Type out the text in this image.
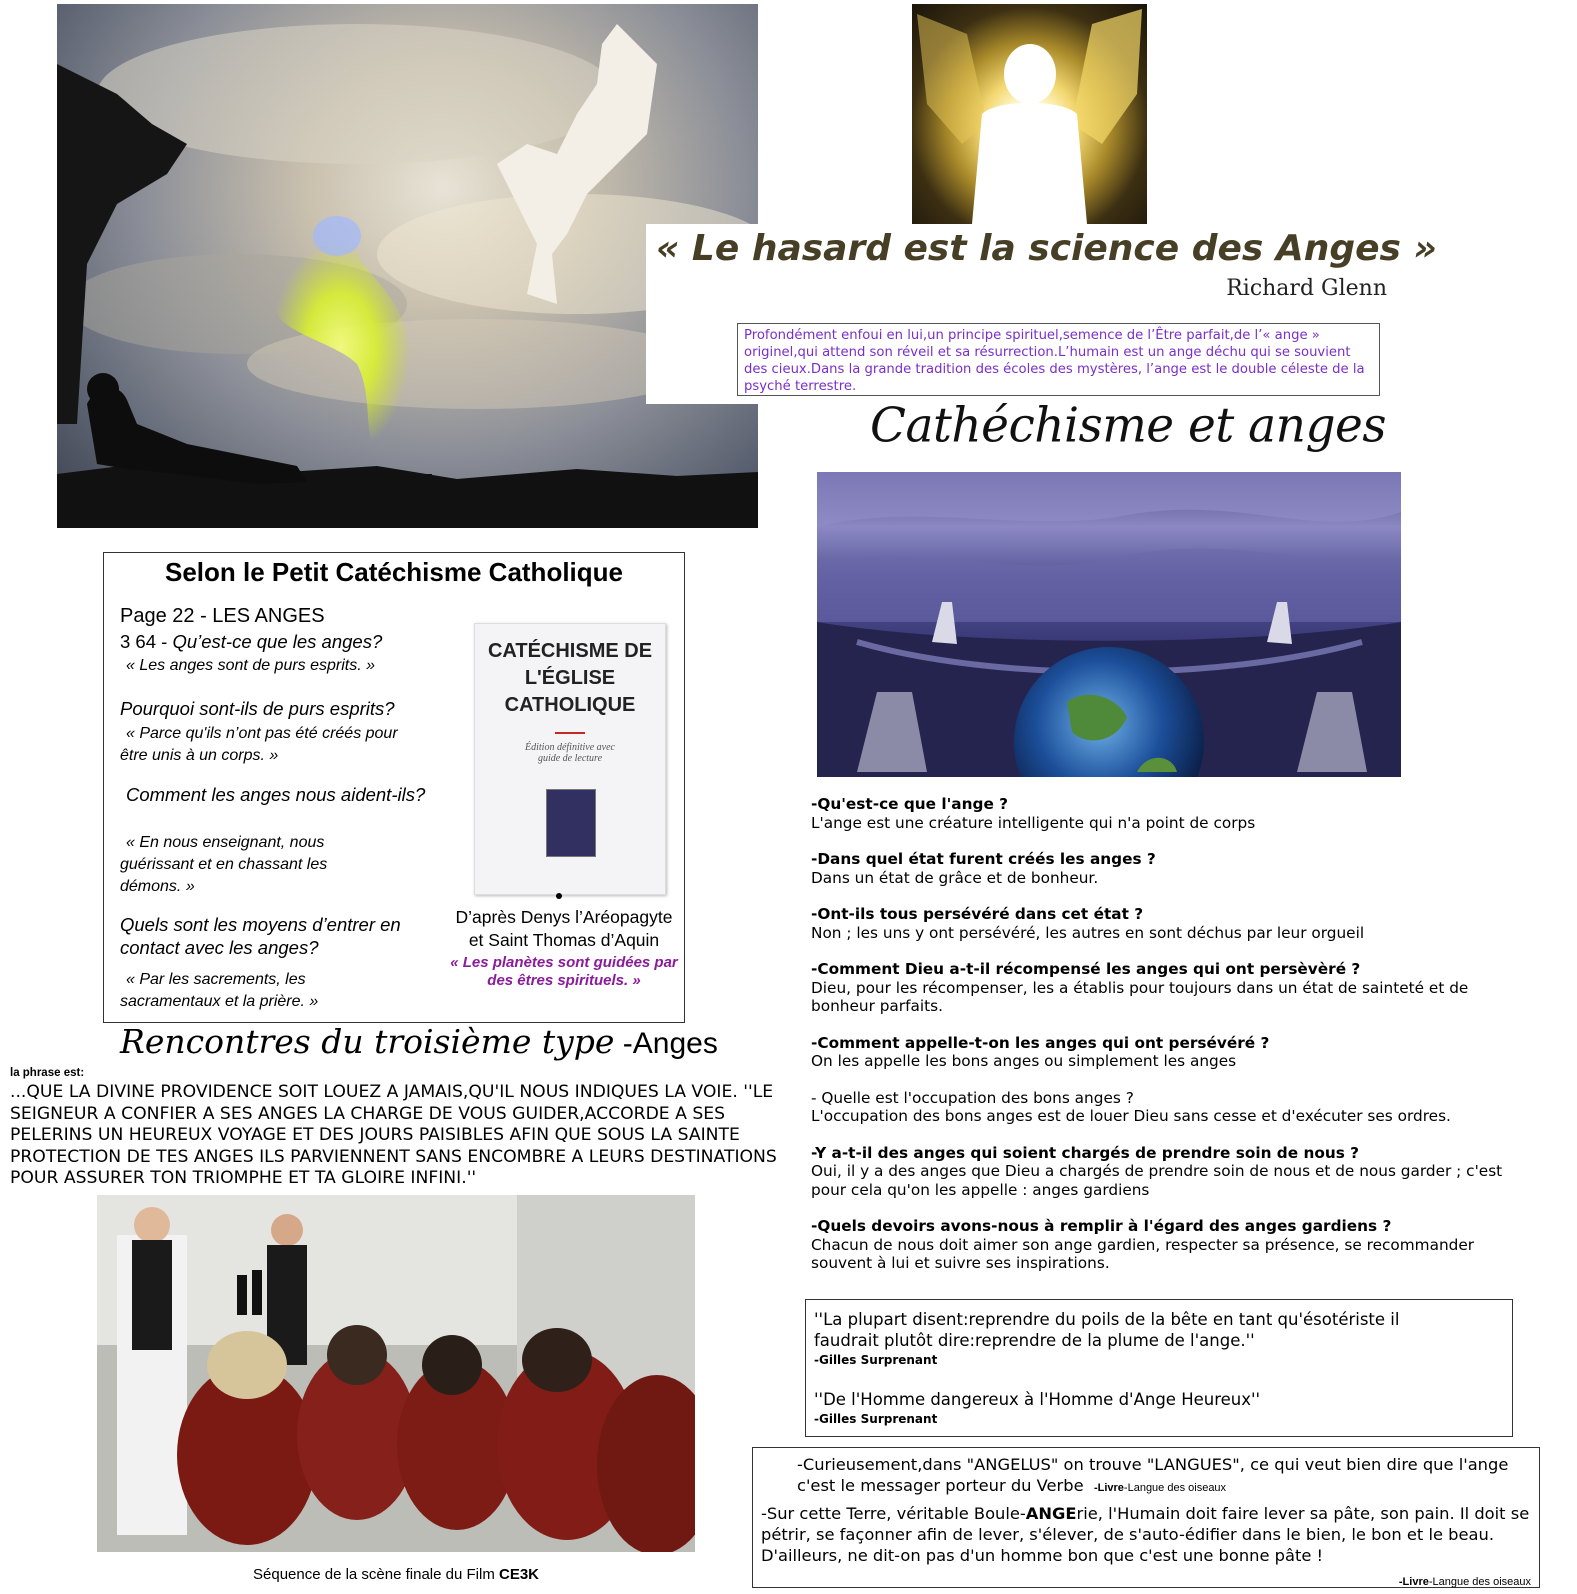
« Le hasard est la science des Anges »
Richard Glenn
Profondément enfoui en lui,un principe spirituel,semence de l’Être parfait,de l’« ange » originel,qui attend son réveil et sa résurrection.L’humain est un ange déchu qui se souvient des cieux.Dans la grande tradition des écoles des mystères, l’ange est le double céleste de la psyché terrestre.
Cathéchisme et anges
Selon le Petit Catéchisme Catholique
Page 22 - LES ANGES
3 64 - Qu’est-ce que les anges?
« Les anges sont de purs esprits. »
Pourquoi sont-ils de purs esprits?
« Parce qu'ils n’ont pas été créés pour être unis à un corps. »
Comment les anges nous aident-ils?
« En nous enseignant, nous guérissant et en chassant les démons. »
Quels sont les moyens d’entrer en contact avec les anges?
« Par les sacrements, les sacramentaux et la prière. »
CATÉCHISME DE L'ÉGLISE CATHOLIQUE
Édition définitive avec guide de lecture
D’après Denys l’Aréopagyte et Saint Thomas d’Aquin
« Les planètes sont guidées par des êtres spirituels. »
Rencontres du troisième type -Anges
la phrase est:
...QUE LA DIVINE PROVIDENCE SOIT LOUEZ A JAMAIS,QU'IL NOUS INDIQUES LA VOIE. ''LE SEIGNEUR A CONFIER A SES ANGES LA CHARGE DE VOUS GUIDER,ACCORDE A SES PELERINS UN HEUREUX VOYAGE ET DES JOURS PAISIBLES AFIN QUE SOUS LA SAINTE PROTECTION DE TES ANGES ILS PARVIENNENT SANS ENCOMBRE A LEURS DESTINATIONS POUR ASSURER TON TRIOMPHE ET TA GLOIRE INFINI.''
Séquence de la scène finale du Film CE3K
-Qu'est-ce que l'ange ?
L'ange est une créature intelligente qui n'a point de corps
-Dans quel état furent créés les anges ?
Dans un état de grâce et de bonheur.
-Ont-ils tous persévéré dans cet état ?
Non ; les uns y ont persévéré, les autres en sont déchus par leur orgueil
-Comment Dieu a-t-il récompensé les anges qui ont persèvèré ?
Dieu, pour les récompenser, les a établis pour toujours dans un état de sainteté et de bonheur parfaits.
-Comment appelle-t-on les anges qui ont persévéré ?
On les appelle les bons anges ou simplement les anges
- Quelle est l'occupation des bons anges ?
L'occupation des bons anges est de louer Dieu sans cesse et d'exécuter ses ordres.
-Y a-t-il des anges qui soient chargés de prendre soin de nous ?
Oui, il y a des anges que Dieu a chargés de prendre soin de nous et de nous garder ; c'est pour cela qu'on les appelle : anges gardiens
-Quels devoirs avons-nous à remplir à l'égard des anges gardiens ?
Chacun de nous doit aimer son ange gardien, respecter sa présence, se recommander souvent à lui et suivre ses inspirations.
''La plupart disent:reprendre du poils de la bête en tant qu'ésotériste il faudrait plutôt dire:reprendre de la plume de l'ange.''
-Gilles Surprenant
''De l'Homme dangereux à l'Homme d'Ange Heureux''
-Gilles Surprenant
-Curieusement,dans "ANGELUS" on trouve "LANGUES", ce qui veut bien dire que l'ange c'est le messager porteur du Verbe -Livre-Langue des oiseaux
-Sur cette Terre, véritable Boule-ANGErie, l'Humain doit faire lever sa pâte, son pain. Il doit se pétrir, se façonner afin de lever, s'élever, de s'auto-édifier dans le bien, le bon et le beau. D'ailleurs, ne dit-on pas d'un homme bon que c'est une bonne pâte !
-Livre-Langue des oiseaux
